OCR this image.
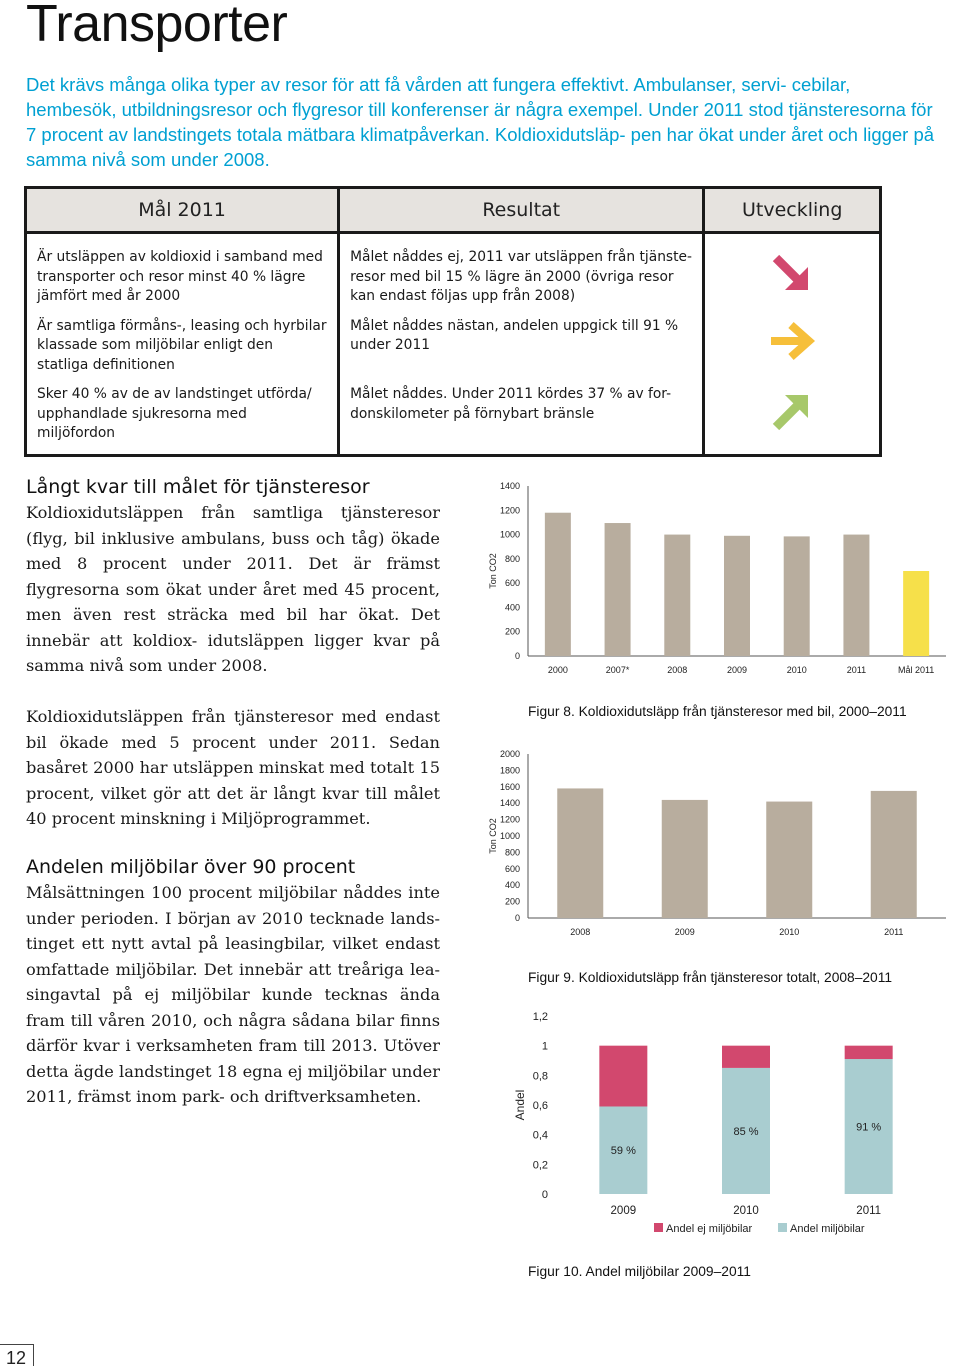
Transporter

Det krävs många olika typer av resor för att få vården att fungera effektivt. Ambulanser, servi- cebilar, hembesök, utbildningsresor och flygresor till konferenser är några exempel. Under 2011 stod tjänsteresorna för 7 procent av landstingets totala mätbara klimatpåverkan. Koldioxidutsläp- pen har ökat under året och ligger på samma nivå som under 2008.

Mål 2011	Resultat	Utveckling
Är utsläppen av koldioxid i samband med transporter och resor minst 40 % lägre jämfört med år 2000	Målet nåddes ej, 2011 var utsläppen från tjänste- resor med bil 15 % lägre än 2000 (övriga resor kan endast följas upp från 2008)	
Är samtliga förmåns-, leasing och hyrbilar klassade som miljöbilar enligt den statliga definitionen	Målet nåddes nästan, andelen uppgick till 91 % under 2011	
Sker 40 % av de av landstinget utförda/ upphandlade sjukresorna med miljöfordon	Målet nåddes. Under 2011 kördes 37 % av for- donskilometer på förnybart bränsle	
Långt kvar till målet för tjänsteresor

Koldioxidutsläppen från samtliga tjänsteresor (flyg, bil inklusive ambulans, buss och tåg) ökade med 8 procent under 2011. Det är främst flygresorna som ökat under året med 45 procent, men även rest sträcka med bil har ökat. Det innebär att koldiox- idutsläppen ligger kvar på samma nivå som under 2008.

Koldioxidutsläppen från tjänsteresor med endast bil ökade med 5 procent under 2011. Sedan basåret 2000 har utsläppen minskat med totalt 15 procent, vilket gör att det är långt kvar till målet 40 procent minskning i Miljöprogrammet.

Andelen miljöbilar över 90 procent

Målsättningen 100 procent miljöbilar nåddes inte under perioden. I början av 2010 tecknade lands- tinget ett nytt avtal på leasingbilar, vilket endast omfattade miljöbilar. Det innebär att treåriga lea- singavtal på ej miljöbilar kunde tecknas ända fram till våren 2010, och några sådana bilar finns därför kvar i verksamheten fram till 2013. Utöver detta ägde landstinget 18 egna ej miljöbilar under 2011, främst inom park- och driftverksamheten.

0
200
400
600
800
1000
1200
1400
2000	2007*	2008	2009	2010	2011	Mål 2011
Ton CO2

Figur 8. Koldioxidutsläpp från tjänsteresor med bil, 2000–2011

0
200
400
600
800
1000
1200
1400
1600
1800
2000
2008	2009	2010	2011
Ton CO2

Figur 9. Koldioxidutsläpp från tjänsteresor totalt, 2008–2011

0
0,2
0,4
0,6
0,8
1
1,2
59 %
2009
85 %
2010
91 %
2011
Andel
Andel ej miljöbilar	Andel miljöbilar

Figur 10. Andel miljöbilar 2009–2011

12
